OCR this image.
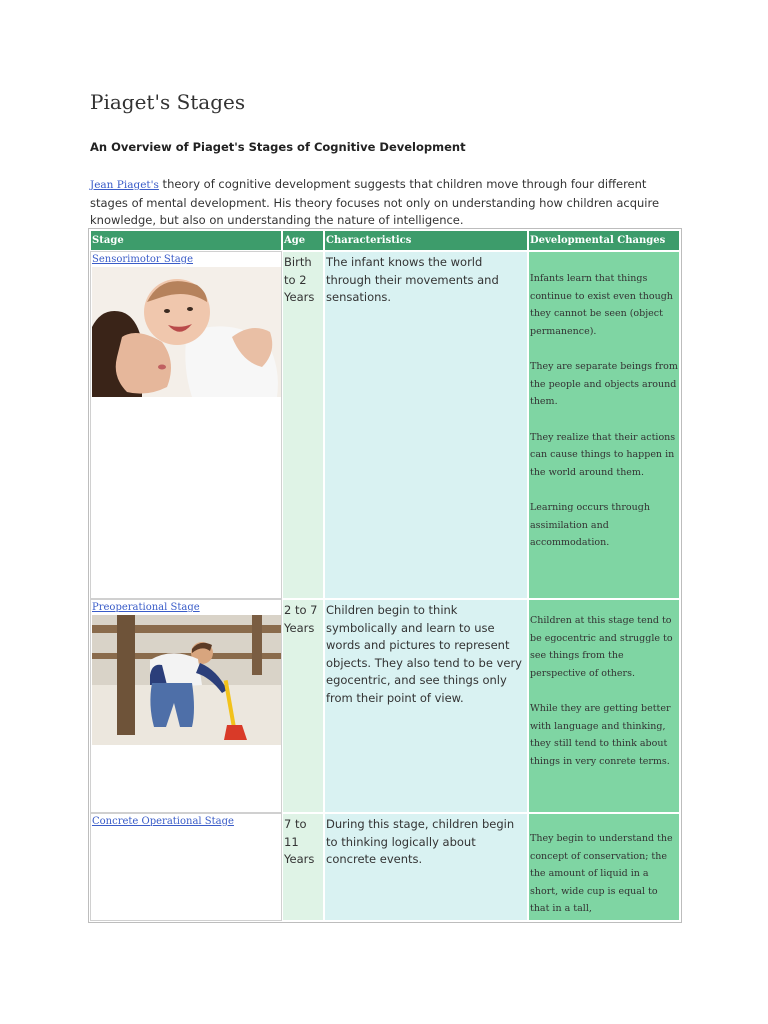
Piaget's Stages
An Overview of Piaget's Stages of Cognitive Development

Jean Piaget's theory of cognitive development suggests that children move through four different stages of mental development. His theory focuses not only on understanding how children acquire knowledge, but also on understanding the nature of intelligence.

Stage	Age	Characteristics	Developmental Changes

Sensorimotor Stage	Birth to 2 Years	The infant knows the world through their movements and sensations.	Infants learn that things continue to exist even though they cannot be seen (object permanence).

They are separate beings from the people and objects around them.

They realize that their actions can cause things to happen in the world around them.

Learning occurs through assimilation and accommodation.

Preoperational Stage	2 to 7 Years	Children begin to think symbolically and learn to use words and pictures to represent objects. They also tend to be very egocentric, and see things only from their point of view.	Children at this stage tend to be egocentric and struggle to see things from the perspective of others.

While they are getting better with language and thinking, they still tend to think about things in very conrete terms.

Concrete Operational Stage	7 to 11 Years	During this stage, children begin to thinking logically about concrete events.	They begin to understand the concept of conservation; the the amount of liquid in a short, wide cup is equal to that in a tall,
